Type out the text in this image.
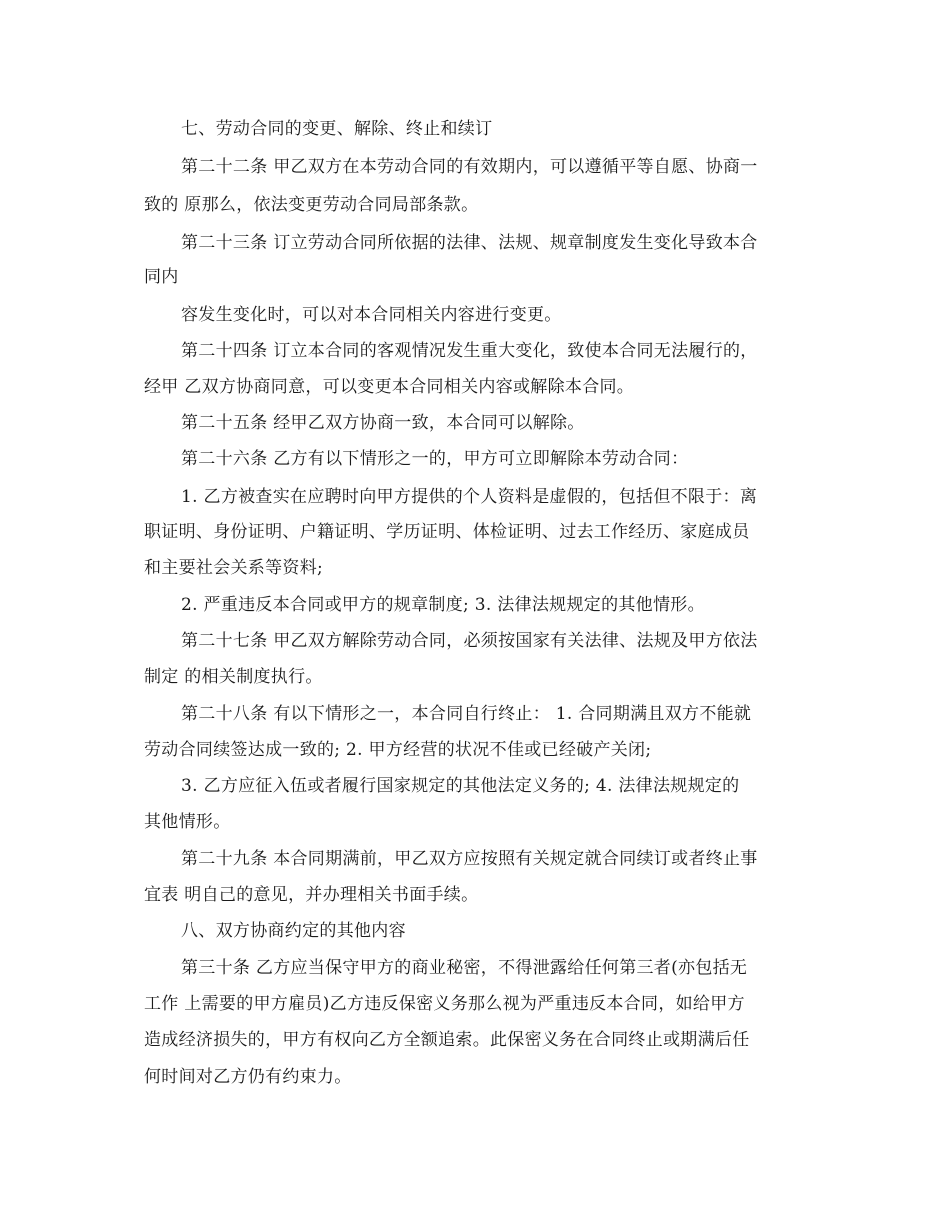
七、劳动合同的变更、解除、终止和续订
第二十二条 甲乙双方在本劳动合同的有效期内，可以遵循平等自愿、协商一
致的 原那么，依法变更劳动合同局部条款。
第二十三条 订立劳动合同所依据的法律、法规、规章制度发生变化导致本合
同内
容发生变化时，可以对本合同相关内容进行变更。
第二十四条 订立本合同的客观情况发生重大变化，致使本合同无法履行的，
经甲 乙双方协商同意，可以变更本合同相关内容或解除本合同。
第二十五条 经甲乙双方协商一致，本合同可以解除。
第二十六条 乙方有以下情形之一的，甲方可立即解除本劳动合同：
1. 乙方被查实在应聘时向甲方提供的个人资料是虚假的，包括但不限于：离
职证明、身份证明、户籍证明、学历证明、体检证明、过去工作经历、家庭成员
和主要社会关系等资料;
2. 严重违反本合同或甲方的规章制度; 3. 法律法规规定的其他情形。
第二十七条 甲乙双方解除劳动合同，必须按国家有关法律、法规及甲方依法
制定 的相关制度执行。
第二十八条 有以下情形之一，本合同自行终止： 1. 合同期满且双方不能就
劳动合同续签达成一致的; 2. 甲方经营的状况不佳或已经破产关闭;
3. 乙方应征入伍或者履行国家规定的其他法定义务的; 4. 法律法规规定的
其他情形。
第二十九条 本合同期满前，甲乙双方应按照有关规定就合同续订或者终止事
宜表 明自己的意见，并办理相关书面手续。
八、双方协商约定的其他内容
第三十条 乙方应当保守甲方的商业秘密，不得泄露给任何第三者(亦包括无
工作 上需要的甲方雇员)乙方违反保密义务那么视为严重违反本合同，如给甲方
造成经济损失的，甲方有权向乙方全额追索。此保密义务在合同终止或期满后任
何时间对乙方仍有约束力。
